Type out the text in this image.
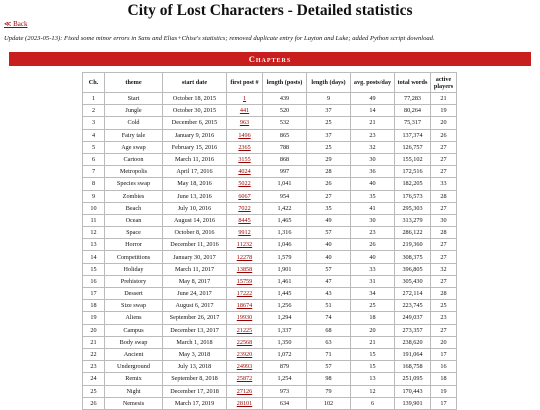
City of Lost Characters - Detailed statistics
≪ Back
Update (2023-05-13): Fixed some minor errors in Sans and Elias+Chise's statistics; removed duplicate entry for Layton and Luke; added Python script download.
Chapters
Ch.	theme	start date	first post #	length (posts)	length (days)	avg. posts/day	total words	active players
1	Start	October 18, 2015	1	439	9	49	77,283	21
2	Jungle	October 30, 2015	441	520	37	14	80,264	19
3	Cold	December 6, 2015	963	532	25	21	75,317	20
4	Fairy tale	January 9, 2016	1496	865	37	23	137,374	26
5	Age swap	February 15, 2016	2365	788	25	32	126,757	27
6	Cartoon	March 11, 2016	3155	868	29	30	155,102	27
7	Metropolis	April 17, 2016	4024	997	28	36	172,516	27
8	Species swap	May 18, 2016	5022	1,041	26	40	182,205	33
9	Zombies	June 13, 2016	6067	954	27	35	176,573	28
10	Beach	July 10, 2016	7022	1,422	35	41	295,303	27
11	Ocean	August 14, 2016	8445	1,465	49	30	313,279	30
12	Space	October 8, 2016	9912	1,316	57	23	286,122	28
13	Horror	December 11, 2016	11232	1,046	40	26	219,360	27
14	Competitions	January 30, 2017	12278	1,579	40	40	308,375	27
15	Holiday	March 11, 2017	13858	1,901	57	33	396,805	32
16	Prehistory	May 8, 2017	15759	1,461	47	31	305,430	27
17	Dessert	June 24, 2017	17222	1,445	43	34	272,114	28
18	Size swap	August 6, 2017	18674	1,256	51	25	223,745	25
19	Aliens	September 26, 2017	19930	1,294	74	18	249,037	23
20	Campus	December 13, 2017	21225	1,337	68	20	273,357	27
21	Body swap	March 1, 2018	22568	1,350	63	21	238,620	20
22	Ancient	May 3, 2018	23920	1,072	71	15	191,064	17
23	Underground	July 13, 2018	24993	879	57	15	168,758	16
24	Remix	September 8, 2018	25872	1,254	98	13	251,095	18
25	Night	December 17, 2018	27126	973	79	12	170,443	19
26	Nemesis	March 17, 2019	28101	634	102	6	139,901	17
